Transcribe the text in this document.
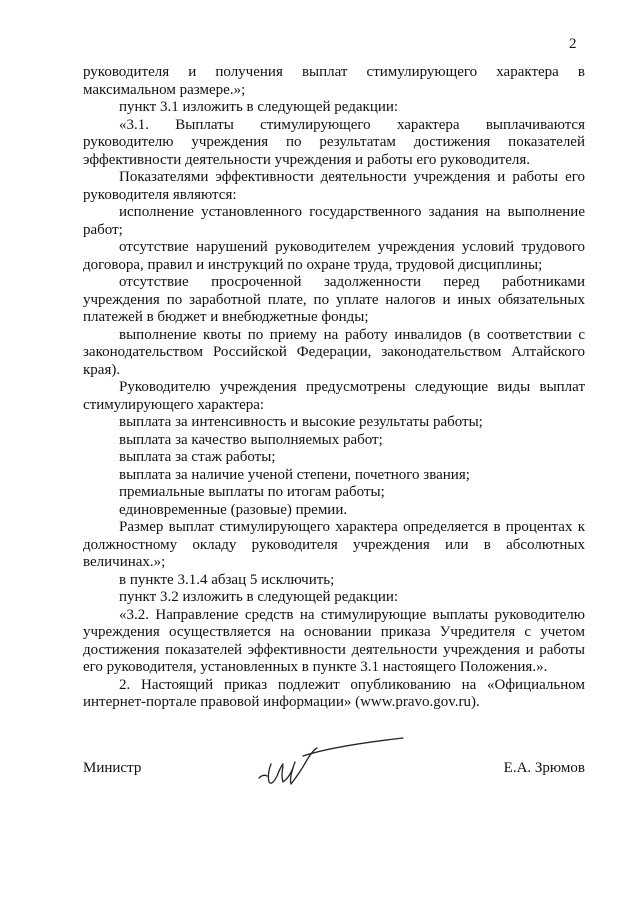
2

руководителя и получения выплат стимулирующего характера в максимальном размере.»;

пункт 3.1 изложить в следующей редакции:

«3.1. Выплаты стимулирующего характера выплачиваются руководителю учреждения по результатам достижения показателей эффективности деятельности учреждения и работы его руководителя.

Показателями эффективности деятельности учреждения и работы его руководителя являются:

исполнение установленного государственного задания на выполнение работ;

отсутствие нарушений руководителем учреждения условий трудового договора, правил и инструкций по охране труда, трудовой дисциплины;

отсутствие просроченной задолженности перед работниками учреждения по заработной плате, по уплате налогов и иных обязательных платежей в бюджет и внебюджетные фонды;

выполнение квоты по приему на работу инвалидов (в соответствии с законодательством Российской Федерации, законодательством Алтайского края).

Руководителю учреждения предусмотрены следующие виды выплат стимулирующего характера:

выплата за интенсивность и высокие результаты работы;

выплата за качество выполняемых работ;

выплата за стаж работы;

выплата за наличие ученой степени, почетного звания;

премиальные выплаты по итогам работы;

единовременные (разовые) премии.

Размер выплат стимулирующего характера определяется в процентах к должностному окладу руководителя учреждения или в абсолютных величинах.»;

в пункте 3.1.4 абзац 5 исключить;

пункт 3.2 изложить в следующей редакции:

«3.2. Направление средств на стимулирующие выплаты руководителю учреждения осуществляется на основании приказа Учредителя с учетом достижения показателей эффективности деятельности учреждения и работы его руководителя, установленных в пункте 3.1 настоящего Положения.».

2. Настоящий приказ подлежит опубликованию на «Официальном интернет-портале правовой информации» (www.pravo.gov.ru).

Министр	Е.А. Зрюмов
